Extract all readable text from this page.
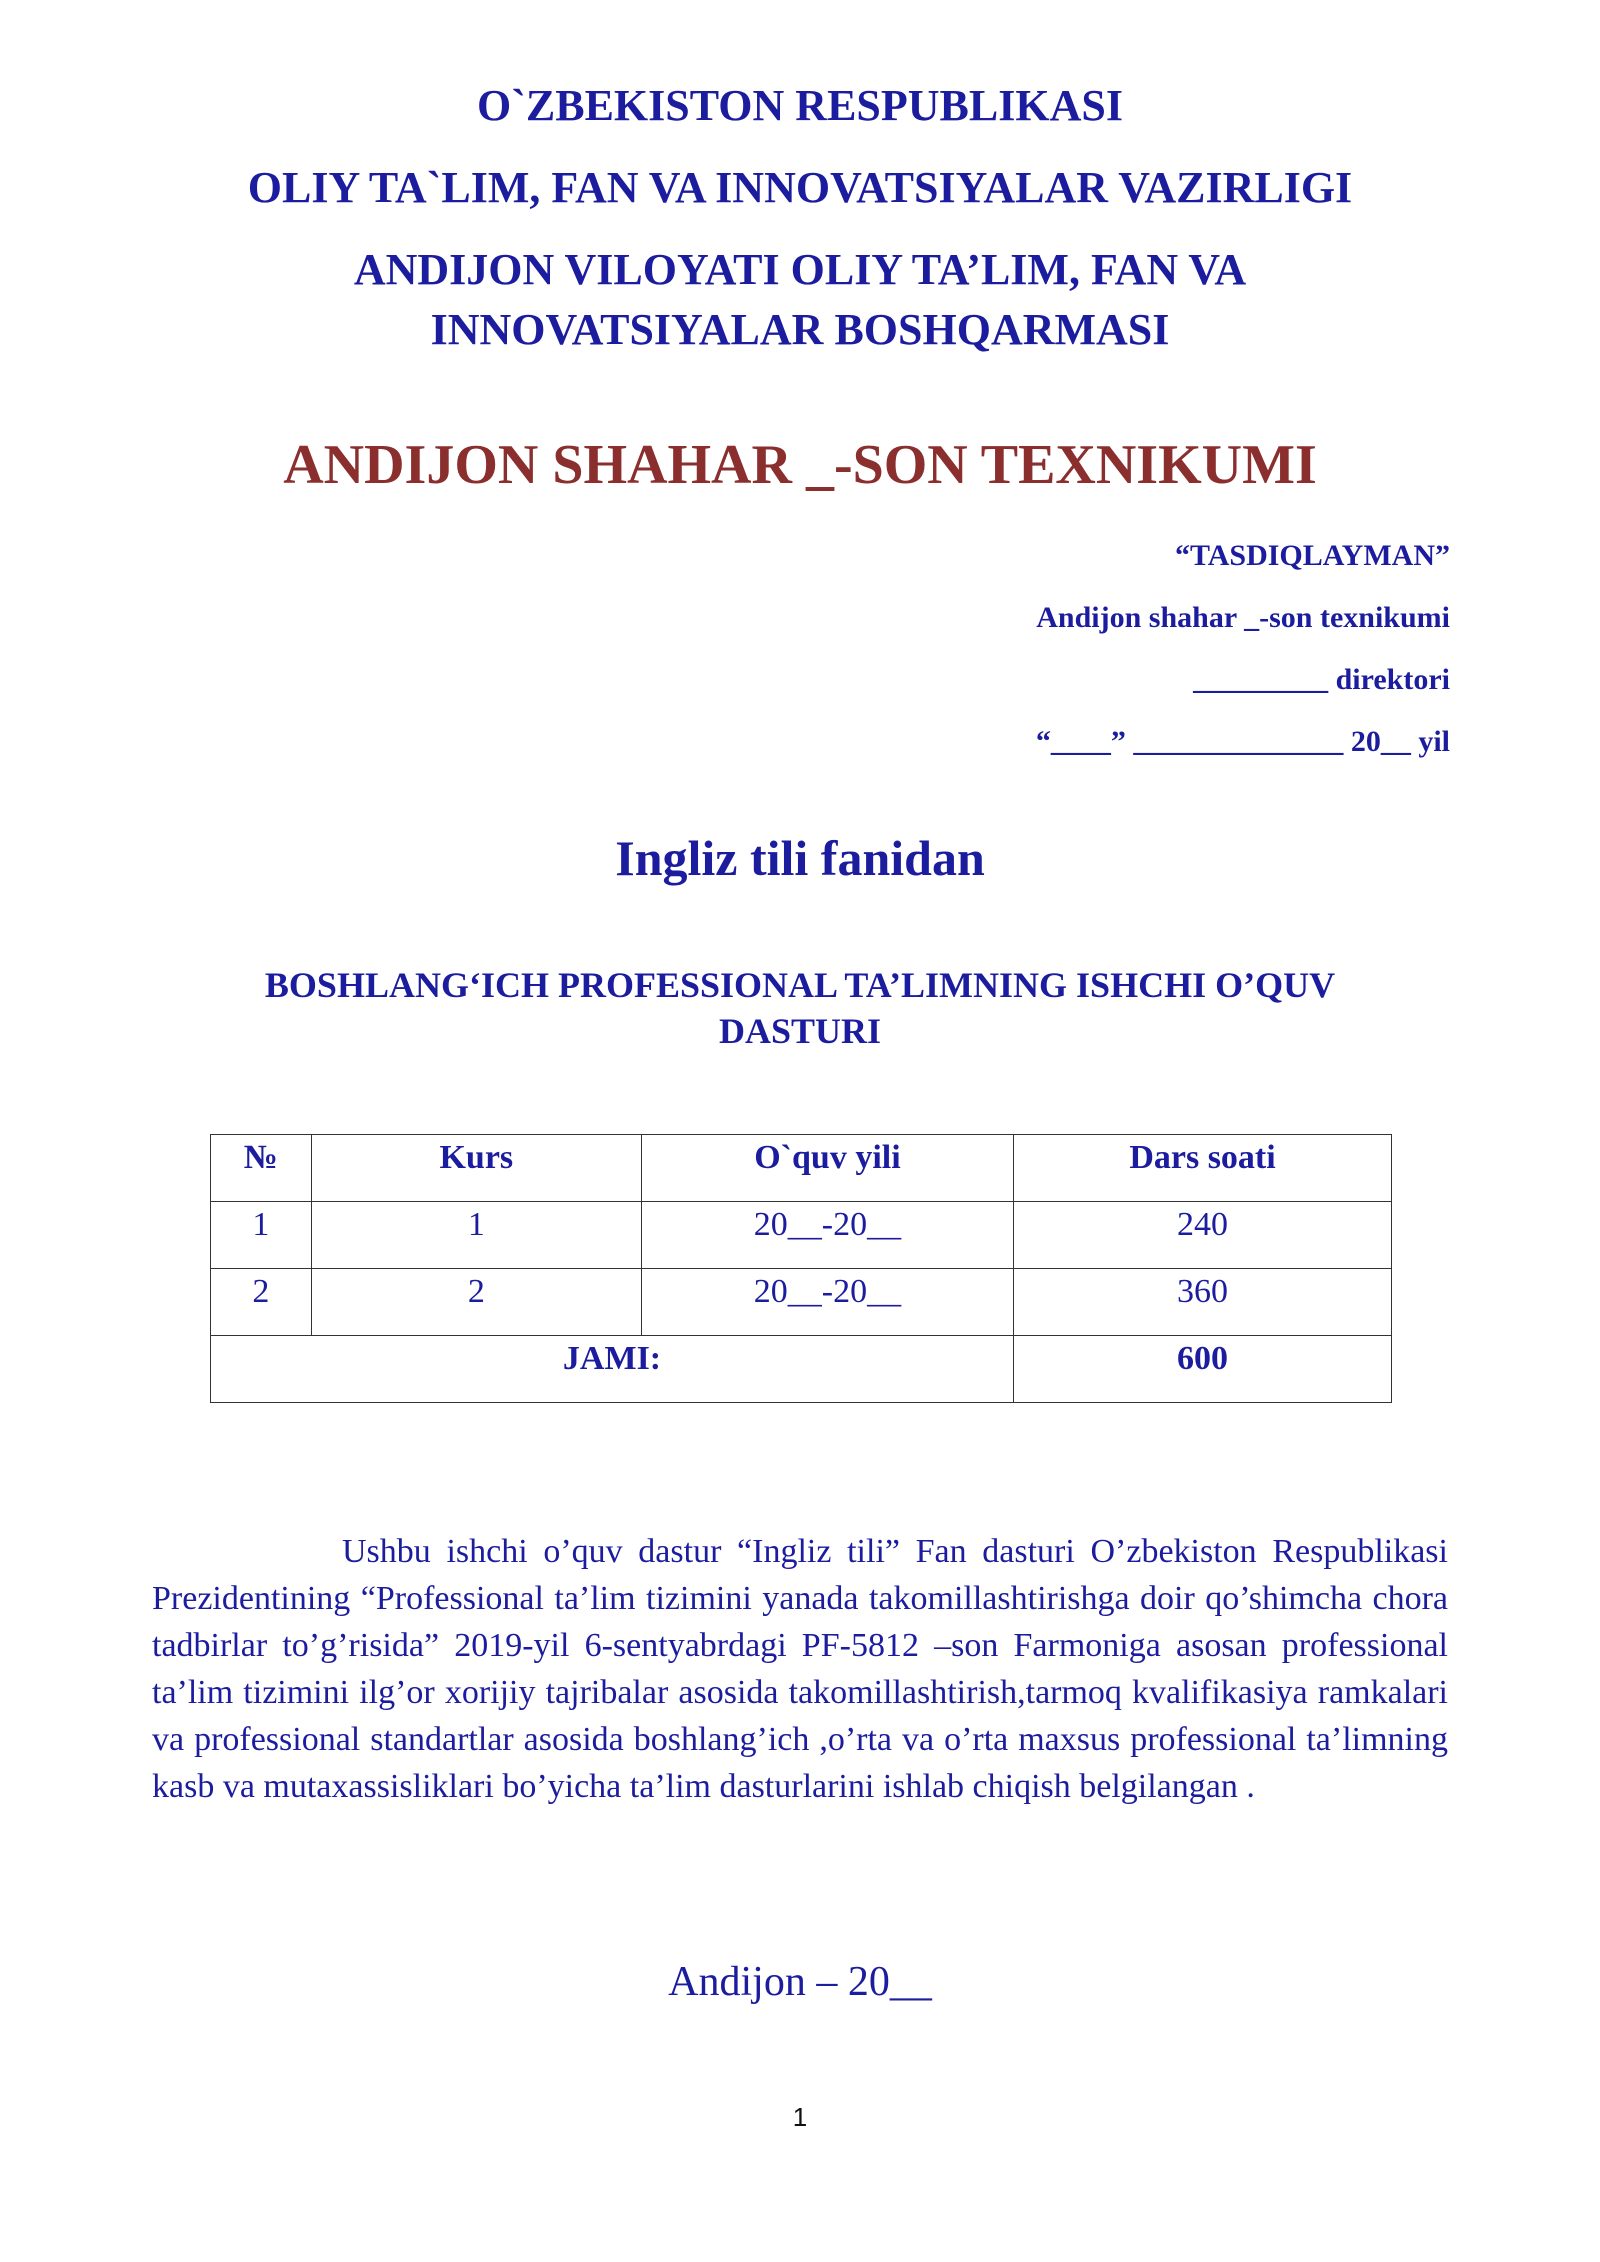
O`ZBEKISTON RESPUBLIKASI
OLIY TA`LIM, FAN VA INNOVATSIYALAR VAZIRLIGI
ANDIJON VILOYATI OLIY TA’LIM, FAN VA
INNOVATSIYALAR BOSHQARMASI
ANDIJON SHAHAR _-SON TEXNIKUMI
“TASDIQLAYMAN”
Andijon shahar _-son texnikumi
_________ direktori
“____” ______________ 20__ yil
Ingliz tili fanidan
BOSHLANG‘ICH PROFESSIONAL TA’LIMNING ISHCHI O’QUV
DASTURI
№	Kurs	O`quv yili	Dars soati
1	1	20__-20__	240
2	2	20__-20__	360
JAMI:			600

Ushbu ishchi o’quv dastur “Ingliz tili” Fan dasturi O’zbekiston Respublikasi Prezidentining “Professional ta’lim tizimini yanada takomillashtirishga doir qo’shimcha chora tadbirlar to’g’risida” 2019-yil 6-sentyabrdagi PF-5812 –son Farmoniga asosan professional ta’lim tizimini ilg’or xorijiy tajribalar asosida takomillashtirish,tarmoq kvalifikasiya ramkalari va professional standartlar asosida boshlang’ich ,o’rta va o’rta maxsus professional ta’limning kasb va mutaxassisliklari bo’yicha ta’lim dasturlarini ishlab chiqish belgilangan .

Andijon – 20__
1
